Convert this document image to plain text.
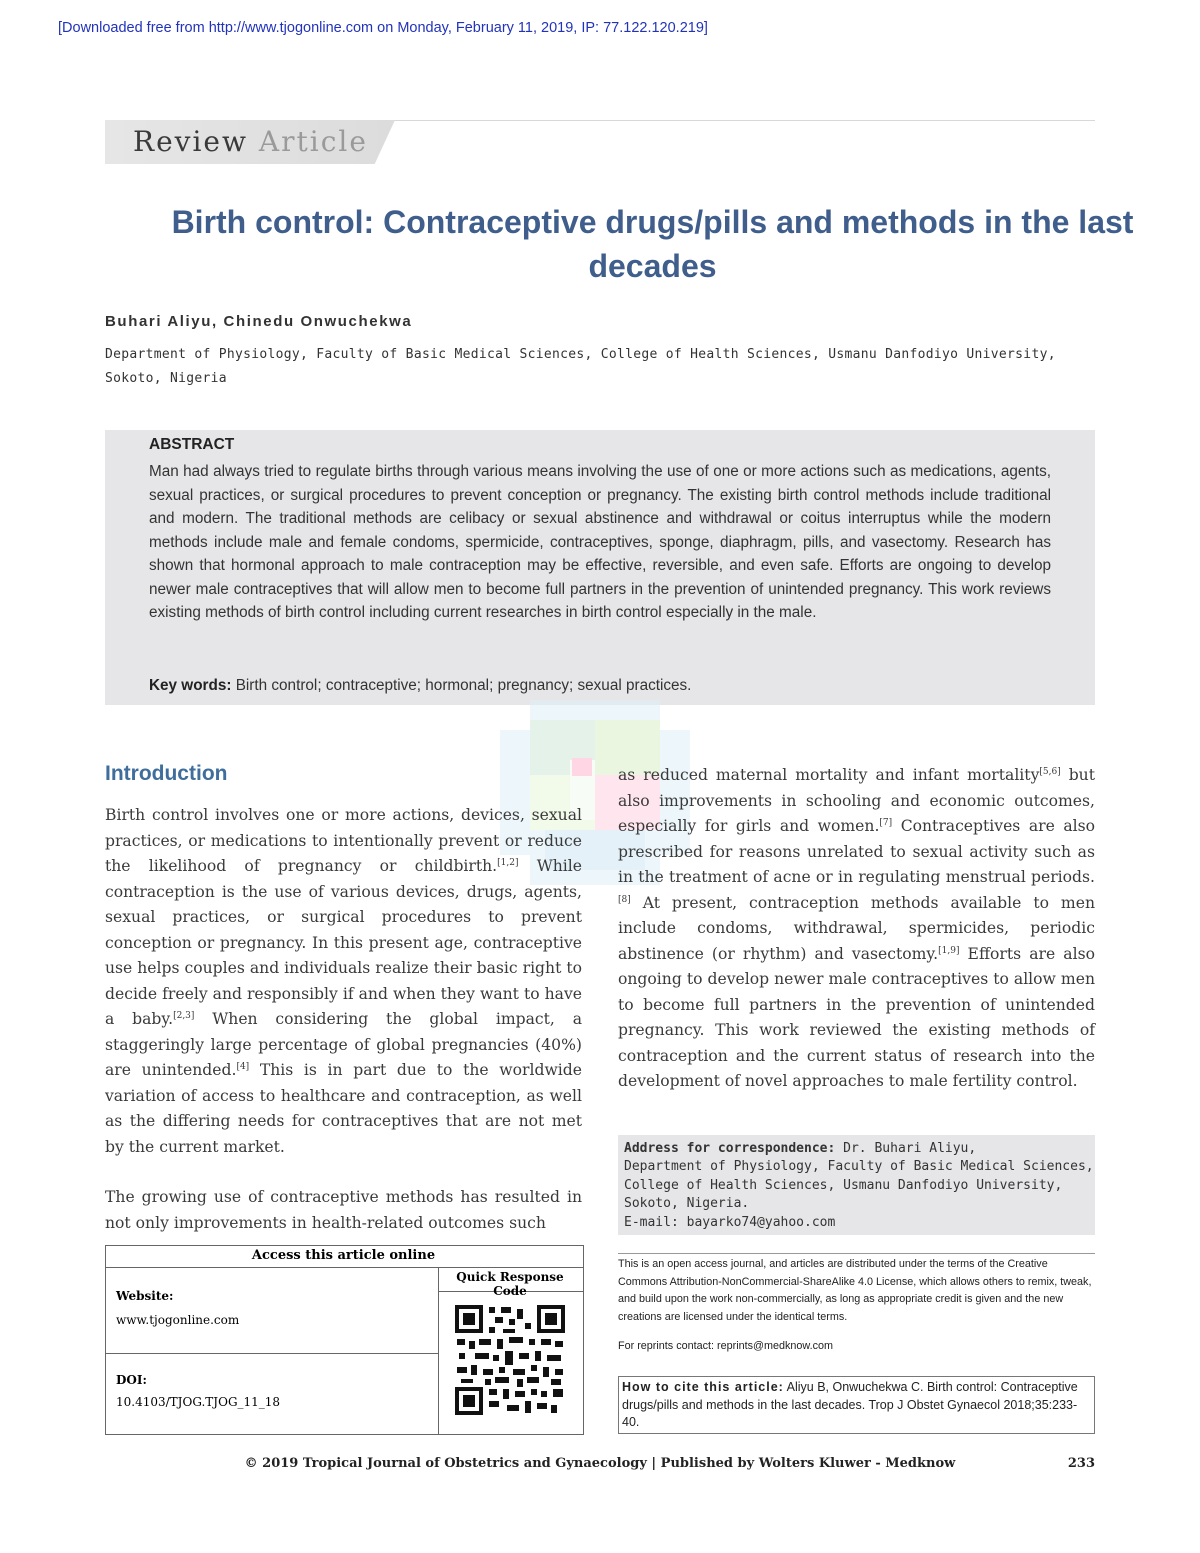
[Downloaded free from http://www.tjogonline.com on Monday, February 11, 2019, IP: 77.122.120.219]
Review Article
Birth control: Contraceptive drugs/pills and methods in the last decades
Buhari Aliyu, Chinedu Onwuchekwa
Department of Physiology, Faculty of Basic Medical Sciences, College of Health Sciences, Usmanu Danfodiyo University, Sokoto, Nigeria
ABSTRACT
Man had always tried to regulate births through various means involving the use of one or more actions such as medications, agents, sexual practices, or surgical procedures to prevent conception or pregnancy. The existing birth control methods include traditional and modern. The traditional methods are celibacy or sexual abstinence and withdrawal or coitus interruptus while the modern methods include male and female condoms, spermicide, contraceptives, sponge, diaphragm, pills, and vasectomy. Research has shown that hormonal approach to male contraception may be effective, reversible, and even safe. Efforts are ongoing to develop newer male contraceptives that will allow men to become full partners in the prevention of unintended pregnancy. This work reviews existing methods of birth control including current researches in birth control especially in the male.
Key words: Birth control; contraceptive; hormonal; pregnancy; sexual practices.
Introduction
Birth control involves one or more actions, devices, sexual practices, or medications to intentionally prevent or reduce the likelihood of pregnancy or childbirth.[1,2] While contraception is the use of various devices, drugs, agents, sexual practices, or surgical procedures to prevent conception or pregnancy. In this present age, contraceptive use helps couples and individuals realize their basic right to decide freely and responsibly if and when they want to have a baby.[2,3] When considering the global impact, a staggeringly large percentage of global pregnancies (40%) are unintended.[4] This is in part due to the worldwide variation of access to healthcare and contraception, as well as the differing needs for contraceptives that are not met by the current market.
The growing use of contraceptive methods has resulted in not only improvements in health-related outcomes such
as reduced maternal mortality and infant mortality[5,6] but also improvements in schooling and economic outcomes, especially for girls and women.[7] Contraceptives are also prescribed for reasons unrelated to sexual activity such as in the treatment of acne or in regulating menstrual periods.[8] At present, contraception methods available to men include condoms, withdrawal, spermicides, periodic abstinence (or rhythm) and vasectomy.[1,9] Efforts are also ongoing to develop newer male contraceptives to allow men to become full partners in the prevention of unintended pregnancy. This work reviewed the existing methods of contraception and the current status of research into the development of novel approaches to male fertility control.
Address for correspondence: Dr. Buhari Aliyu,
Department of Physiology, Faculty of Basic Medical Sciences,
College of Health Sciences, Usmanu Danfodiyo University,
Sokoto, Nigeria.
E-mail: bayarko74@yahoo.com
This is an open access journal, and articles are distributed under the terms of the Creative Commons Attribution-NonCommercial-ShareAlike 4.0 License, which allows others to remix, tweak, and build upon the work non-commercially, as long as appropriate credit is given and the new creations are licensed under the identical terms.
For reprints contact: reprints@medknow.com
How to cite this article: Aliyu B, Onwuchekwa C. Birth control: Contraceptive drugs/pills and methods in the last decades. Trop J Obstet Gynaecol 2018;35:233-40.
Access this article online
Quick Response Code
Website:
www.tjogonline.com
DOI:
10.4103/TJOG.TJOG_11_18
© 2019 Tropical Journal of Obstetrics and Gynaecology | Published by Wolters Kluwer - Medknow	233
